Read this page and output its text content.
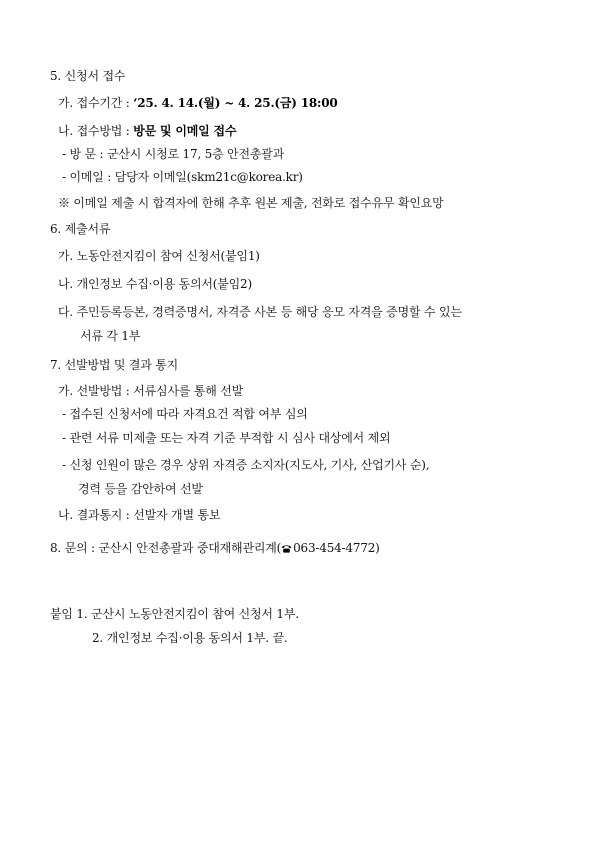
5. 신청서 접수
가. 접수기간 : ‘25. 4. 14.(월) ~ 4. 25.(금) 18:00
나. 접수방법 : 방문 및 이메일 접수
- 방 문 : 군산시 시청로 17, 5층 안전총괄과
- 이메일 : 담당자 이메일(skm21c@korea.kr)
※ 이메일 제출 시 합격자에 한해 추후 원본 제출, 전화로 접수유무 확인요망
6. 제출서류
가. 노동안전지킴이 참여 신청서(붙임1)
나. 개인정보 수집·이용 동의서(붙임2)
다. 주민등록등본, 경력증명서, 자격증 사본 등 해당 응모 자격을 증명할 수 있는
서류 각 1부
7. 선발방법 및 결과 통지
가. 선발방법 : 서류심사를 통해 선발
- 접수된 신청서에 따라 자격요건 적합 여부 심의
- 관련 서류 미제출 또는 자격 기준 부적합 시 심사 대상에서 제외
- 신청 인원이 많은 경우 상위 자격증 소지자(지도사, 기사, 산업기사 순),
경력 등을 감안하여 선발
나. 결과통지 : 선발자 개별 통보
8. 문의 : 군산시 안전총괄과 중대재해관리계( 063-454-4772)
붙임 1. 군산시 노동안전지킴이 참여 신청서 1부.
2. 개인정보 수집·이용 동의서 1부. 끝.
